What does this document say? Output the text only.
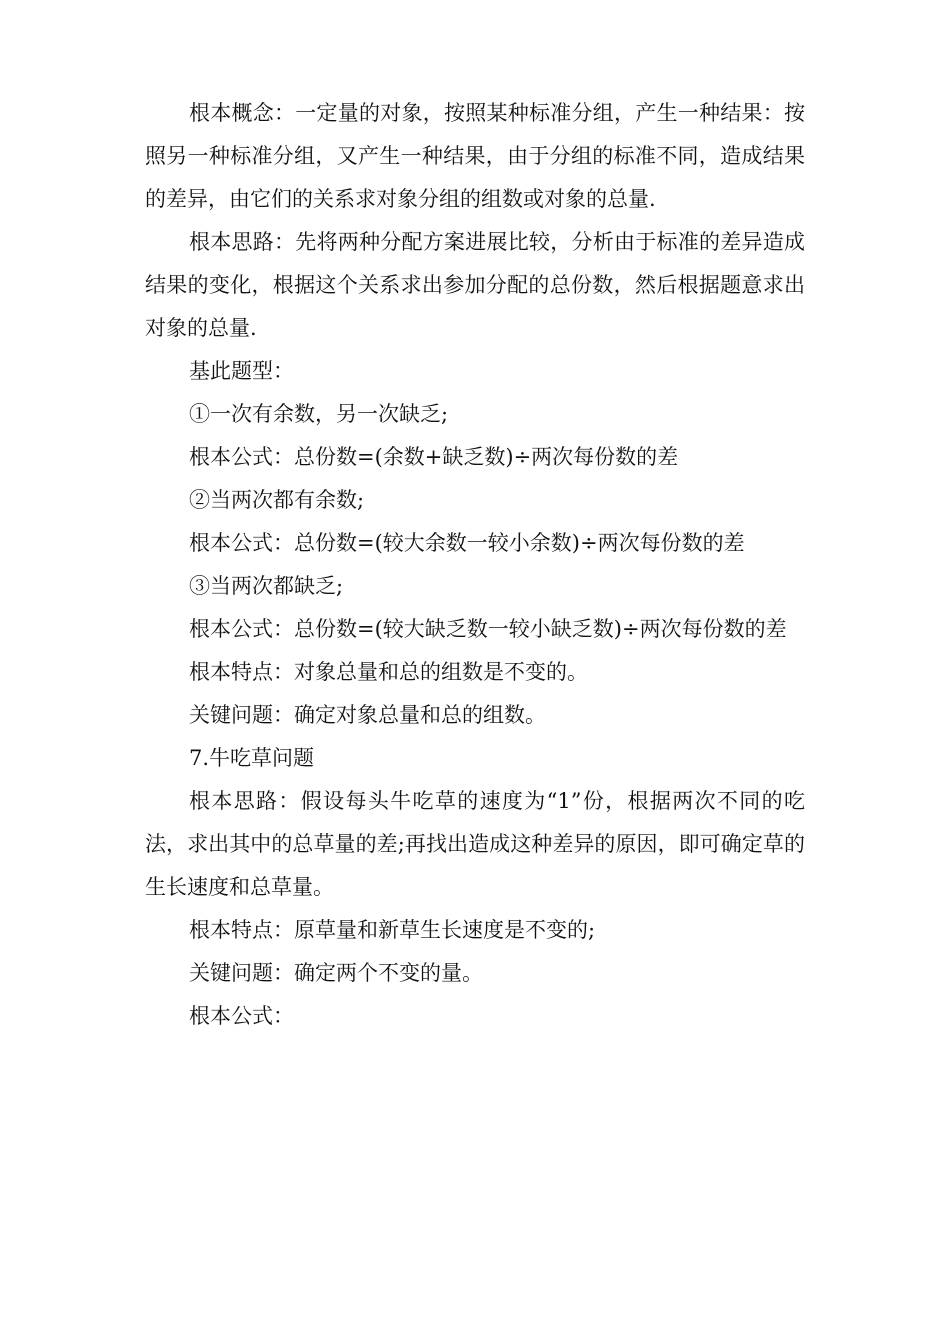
根本概念：一定量的对象，按照某种标准分组，产生一种结果：按照另一种标准分组，又产生一种结果，由于分组的标准不同，造成结果的差异，由它们的关系求对象分组的组数或对象的总量.

根本思路：先将两种分配方案进展比较，分析由于标准的差异造成结果的变化，根据这个关系求出参加分配的总份数，然后根据题意求出对象的总量.

基此题型：

①一次有余数，另一次缺乏;

根本公式：总份数=(余数+缺乏数)÷两次每份数的差

②当两次都有余数;

根本公式：总份数=(较大余数一较小余数)÷两次每份数的差

③当两次都缺乏;

根本公式：总份数=(较大缺乏数一较小缺乏数)÷两次每份数的差

根本特点：对象总量和总的组数是不变的。

关键问题：确定对象总量和总的组数。

7.牛吃草问题

根本思路：假设每头牛吃草的速度为“1”份，根据两次不同的吃法，求出其中的总草量的差;再找出造成这种差异的原因，即可确定草的生长速度和总草量。

根本特点：原草量和新草生长速度是不变的;

关键问题：确定两个不变的量。

根本公式：
